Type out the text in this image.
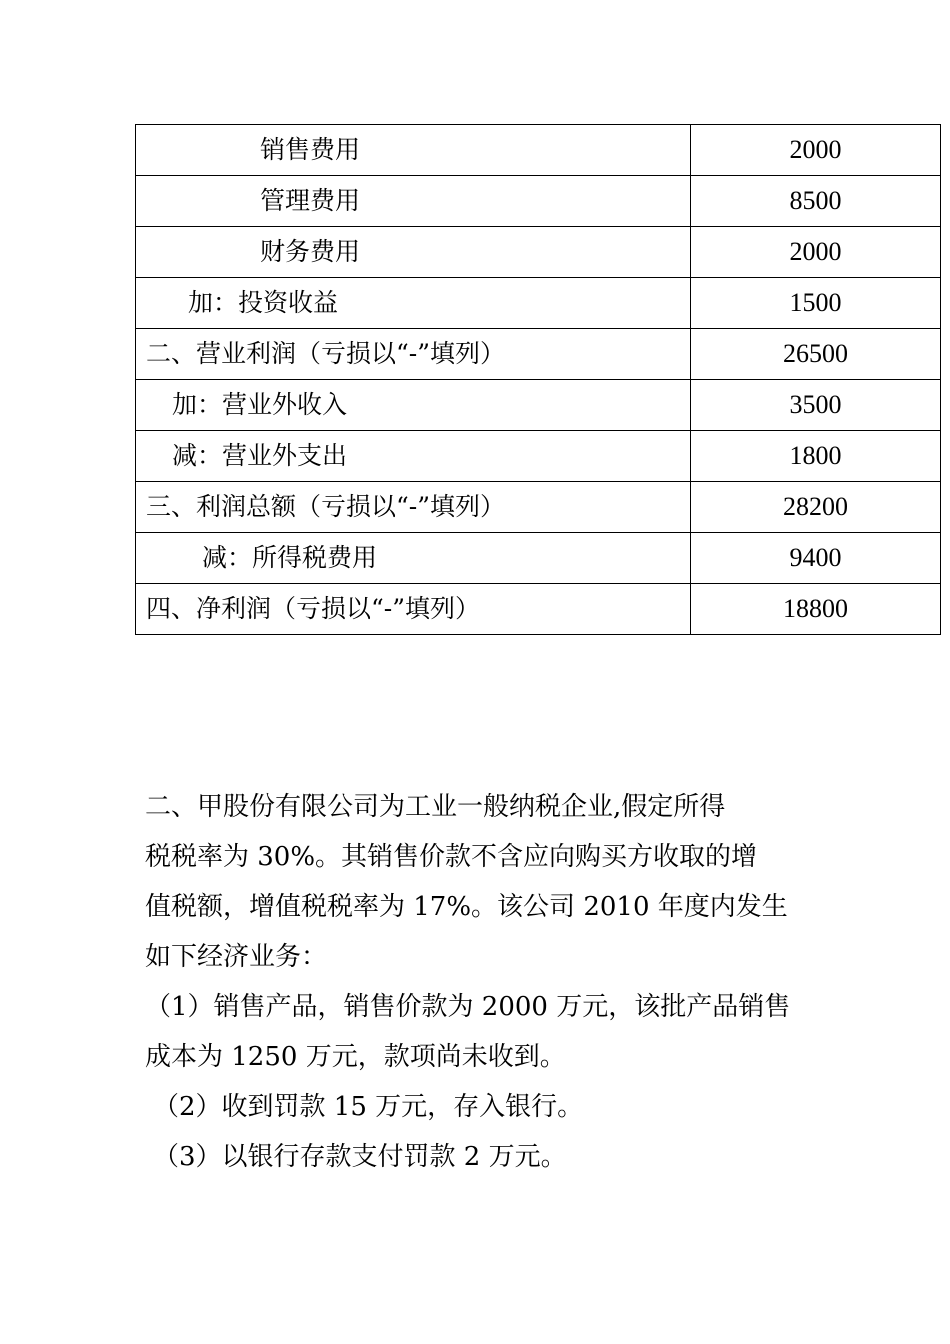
销售费用	2000
管理费用	8500
财务费用	2000
加：投资收益	1500
二、营业利润（亏损以“-”填列）	26500
加：营业外收入	3500
减：营业外支出	1800
三、利润总额（亏损以“-”填列）	28200
减：所得税费用	9400
四、净利润（亏损以“-”填列）	18800

二、甲股份有限公司为工业一般纳税企业,假定所得

税税率为 30%。其销售价款不含应向购买方收取的增

值税额，增值税税率为 17%。该公司 2010 年度内发生

如下经济业务：

（1）销售产品，销售价款为 2000 万元，该批产品销售

成本为 1250 万元，款项尚未收到。

（2）收到罚款 15 万元，存入银行。

（3）以银行存款支付罚款 2 万元。
